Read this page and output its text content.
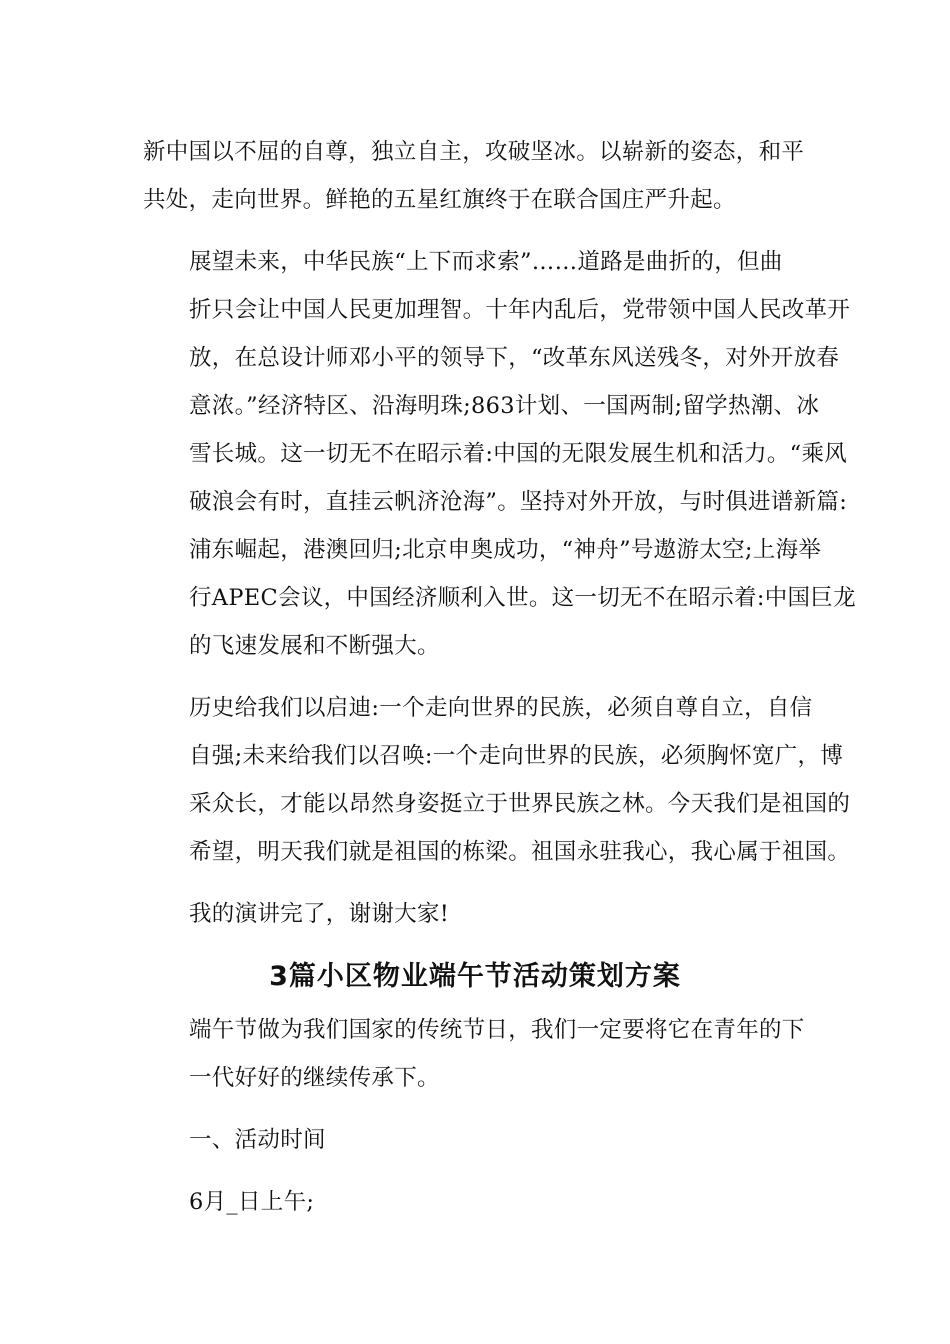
新中国以不屈的自尊，独立自主，攻破坚冰。以崭新的姿态，和平
共处，走向世界。鲜艳的五星红旗终于在联合国庄严升起。

展望未来，中华民族“上下而求索”……道路是曲折的，但曲
折只会让中国人民更加理智。十年内乱后，党带领中国人民改革开
放，在总设计师邓小平的领导下，“改革东风送残冬，对外开放春
意浓。”经济特区、沿海明珠;863计划、一国两制;留学热潮、冰
雪长城。这一切无不在昭示着:中国的无限发展生机和活力。“乘风
破浪会有时，直挂云帆济沧海”。坚持对外开放，与时俱进谱新篇:
浦东崛起，港澳回归;北京申奥成功，“神舟”号遨游太空;上海举
行APEC会议，中国经济顺利入世。这一切无不在昭示着:中国巨龙
的飞速发展和不断强大。

历史给我们以启迪:一个走向世界的民族，必须自尊自立，自信
自强;未来给我们以召唤:一个走向世界的民族，必须胸怀宽广，博
采众长，才能以昂然身姿挺立于世界民族之林。今天我们是祖国的
希望，明天我们就是祖国的栋梁。祖国永驻我心，我心属于祖国。

我的演讲完了，谢谢大家!

3篇小区物业端午节活动策划方案

端午节做为我们国家的传统节日，我们一定要将它在青年的下
一代好好的继续传承下。

一、活动时间

6月_日上午;
